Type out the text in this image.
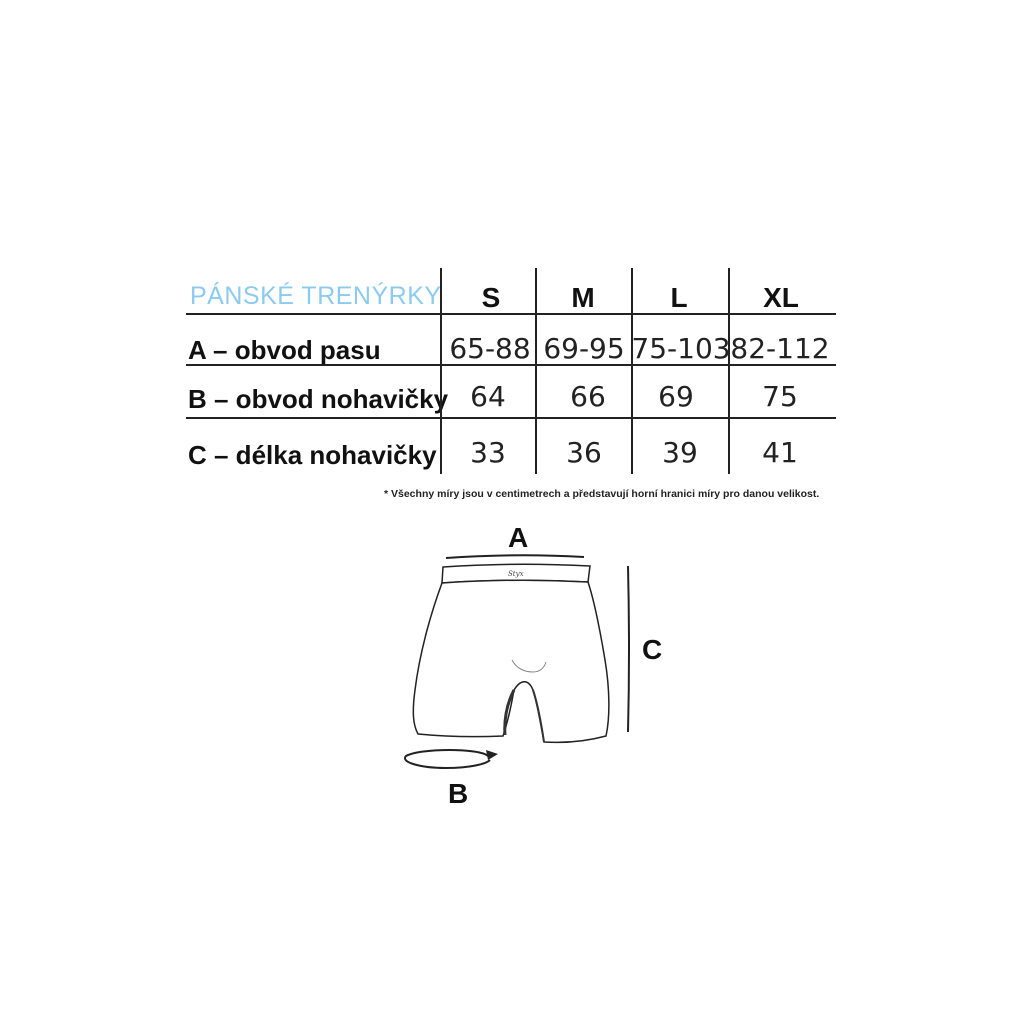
PÁNSKÉ TRENÝRKY	S	M	L	XL
A – obvod pasu 65-88 69-95 75-103 82-112
B – obvod nohavičky 64	66	69	75
C – délka nohavičky	33	36	39	41
* Všechny míry jsou v centimetrech a představují horní hranici míry pro danou velikost.
Styx
A
C
B
